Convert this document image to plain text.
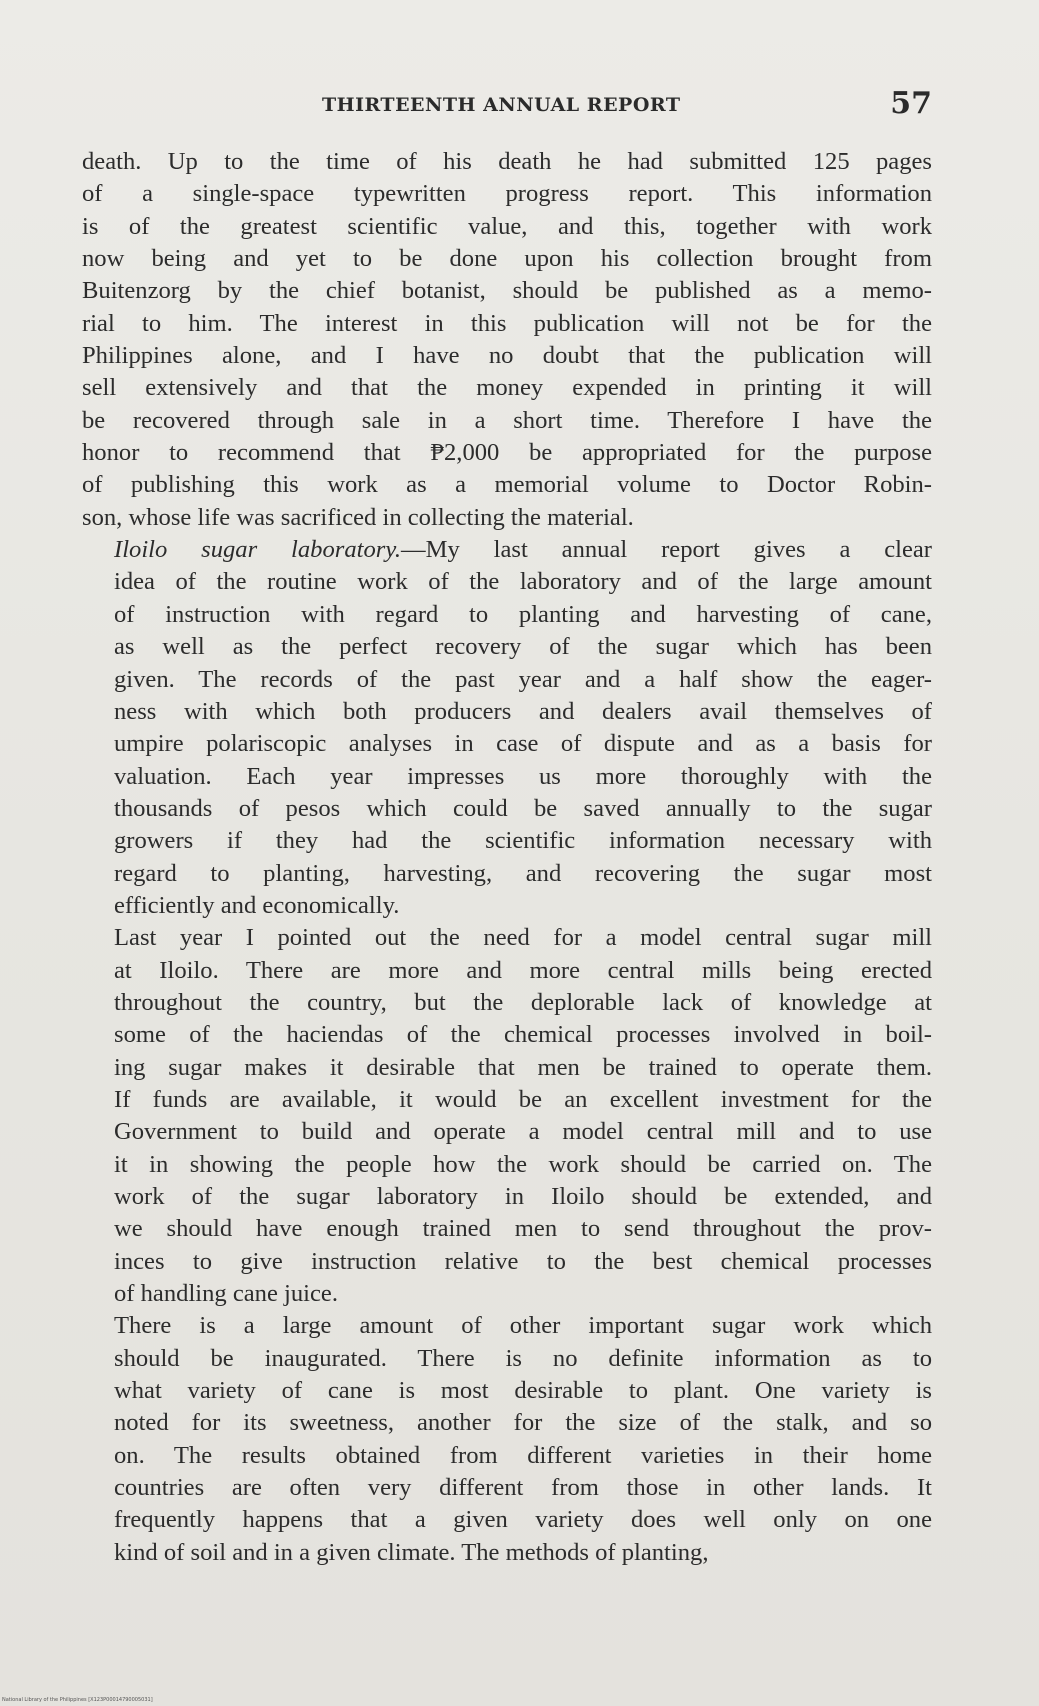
THIRTEENTH ANNUAL REPORT	57

death. Up to the time of his death he had submitted 125 pages
of a single-space typewritten progress report. This information
is of the greatest scientific value, and this, together with work
now being and yet to be done upon his collection brought from
Buitenzorg by the chief botanist, should be published as a memo-
rial to him. The interest in this publication will not be for the
Philippines alone, and I have no doubt that the publication will
sell extensively and that the money expended in printing it will
be recovered through sale in a short time. Therefore I have the
honor to recommend that ₱2,000 be appropriated for the purpose
of publishing this work as a memorial volume to Doctor Robin-
son, whose life was sacrificed in collecting the material.

Iloilo sugar laboratory.—My last annual report gives a clear
idea of the routine work of the laboratory and of the large amount
of instruction with regard to planting and harvesting of cane,
as well as the perfect recovery of the sugar which has been
given. The records of the past year and a half show the eager-
ness with which both producers and dealers avail themselves of
umpire polariscopic analyses in case of dispute and as a basis for
valuation. Each year impresses us more thoroughly with the
thousands of pesos which could be saved annually to the sugar
growers if they had the scientific information necessary with
regard to planting, harvesting, and recovering the sugar most
efficiently and economically.

Last year I pointed out the need for a model central sugar mill
at Iloilo. There are more and more central mills being erected
throughout the country, but the deplorable lack of knowledge at
some of the haciendas of the chemical processes involved in boil-
ing sugar makes it desirable that men be trained to operate them.
If funds are available, it would be an excellent investment for the
Government to build and operate a model central mill and to use
it in showing the people how the work should be carried on. The
work of the sugar laboratory in Iloilo should be extended, and
we should have enough trained men to send throughout the prov-
inces to give instruction relative to the best chemical processes
of handling cane juice.

There is a large amount of other important sugar work which
should be inaugurated. There is no definite information as to
what variety of cane is most desirable to plant. One variety is
noted for its sweetness, another for the size of the stalk, and so
on. The results obtained from different varieties in their home
countries are often very different from those in other lands. It
frequently happens that a given variety does well only on one
kind of soil and in a given climate. The methods of planting,

National Library of the Philippines [X123P00014790005031]
